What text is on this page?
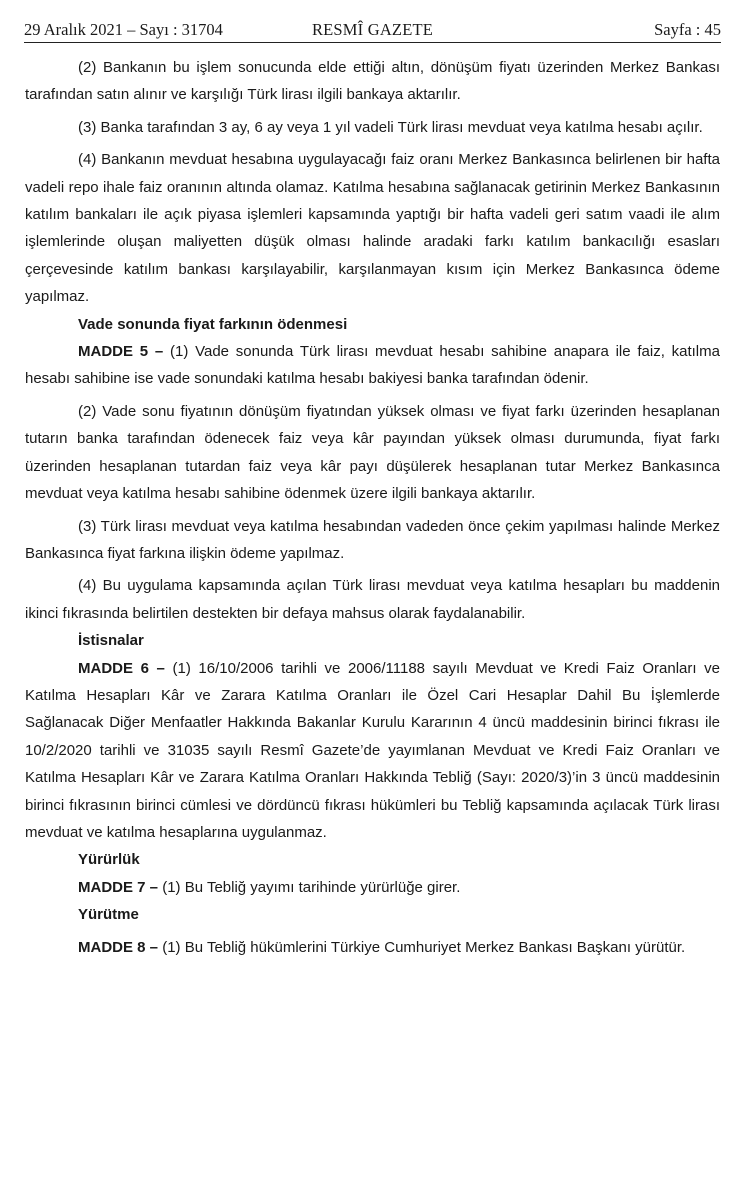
29 Aralık 2021 – Sayı : 31704	RESMÎ GAZETE	Sayfa : 45

(2) Bankanın bu işlem sonucunda elde ettiği altın, dönüşüm fiyatı üzerinden Merkez Bankası tarafından satın alınır ve karşılığı Türk lirası ilgili bankaya aktarılır.

(3) Banka tarafından 3 ay, 6 ay veya 1 yıl vadeli Türk lirası mevduat veya katılma hesabı açılır.

(4) Bankanın mevduat hesabına uygulayacağı faiz oranı Merkez Bankasınca belirlenen bir hafta vadeli repo ihale faiz oranının altında olamaz. Katılma hesabına sağlanacak getirinin Merkez Bankasının katılım bankaları ile açık piyasa işlemleri kapsamında yaptığı bir hafta vadeli geri satım vaadi ile alım işlemlerinde oluşan maliyetten düşük olması halinde aradaki farkı katılım bankacılığı esasları çerçevesinde katılım bankası karşılayabilir, karşılanmayan kısım için Merkez Bankasınca ödeme yapılmaz.

Vade sonunda fiyat farkının ödenmesi

MADDE 5 – (1) Vade sonunda Türk lirası mevduat hesabı sahibine anapara ile faiz, katılma hesabı sahibine ise vade sonundaki katılma hesabı bakiyesi banka tarafından ödenir.

(2) Vade sonu fiyatının dönüşüm fiyatından yüksek olması ve fiyat farkı üzerinden hesaplanan tutarın banka tarafından ödenecek faiz veya kâr payından yüksek olması durumunda, fiyat farkı üzerinden hesaplanan tutardan faiz veya kâr payı düşülerek hesaplanan tutar Merkez Bankasınca mevduat veya katılma hesabı sahibine ödenmek üzere ilgili bankaya aktarılır.

(3) Türk lirası mevduat veya katılma hesabından vadeden önce çekim yapılması halinde Merkez Bankasınca fiyat farkına ilişkin ödeme yapılmaz.

(4) Bu uygulama kapsamında açılan Türk lirası mevduat veya katılma hesapları bu maddenin ikinci fıkrasında belirtilen destekten bir defaya mahsus olarak faydalanabilir.

İstisnalar

MADDE 6 – (1) 16/10/2006 tarihli ve 2006/11188 sayılı Mevduat ve Kredi Faiz Oranları ve Katılma Hesapları Kâr ve Zarara Katılma Oranları ile Özel Cari Hesaplar Dahil Bu İşlemlerde Sağlanacak Diğer Menfaatler Hakkında Bakanlar Kurulu Kararının 4 üncü maddesinin birinci fıkrası ile 10/2/2020 tarihli ve 31035 sayılı Resmî Gazete’de yayımlanan Mevduat ve Kredi Faiz Oranları ve Katılma Hesapları Kâr ve Zarara Katılma Oranları Hakkında Tebliğ (Sayı: 2020/3)’in 3 üncü maddesinin birinci fıkrasının birinci cümlesi ve dördüncü fıkrası hükümleri bu Tebliğ kapsamında açılacak Türk lirası mevduat ve katılma hesaplarına uygulanmaz.

Yürürlük

MADDE 7 – (1) Bu Tebliğ yayımı tarihinde yürürlüğe girer.

Yürütme

MADDE 8 – (1) Bu Tebliğ hükümlerini Türkiye Cumhuriyet Merkez Bankası Başkanı yürütür.
